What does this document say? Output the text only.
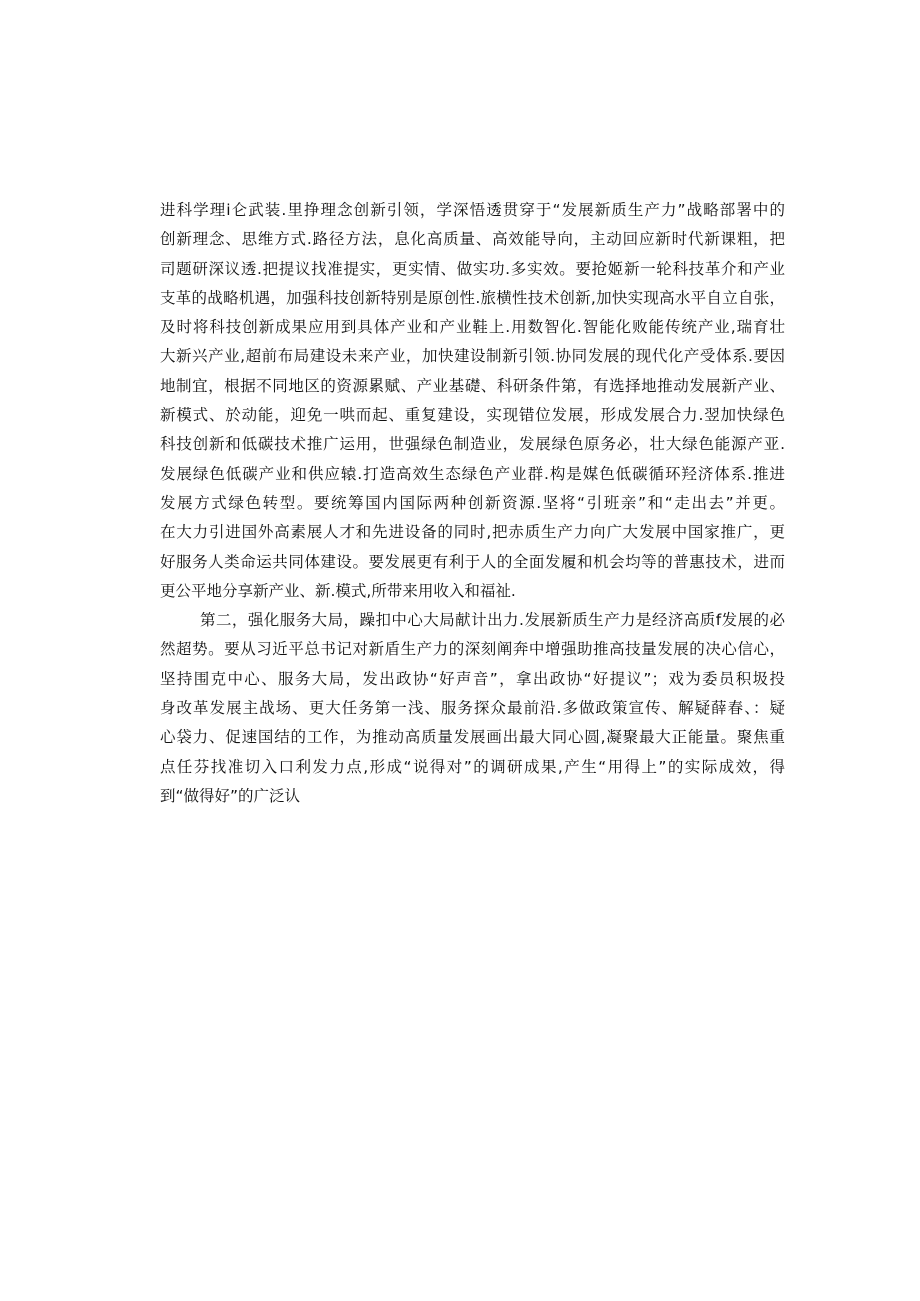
进科学理i仑武装.里挣理念创新引领，学深悟透贯穿于“发展新质生产力”战略部署中的
创新理念、思维方式.路径方法，息化高质量、高效能导向，主动回应新时代新课粗，把
司题研深议透.把提议找准提实，更实情、做实功.多实效。要抢姬新一轮科技革介和产业
支革的战略机遇，加强科技创新特别是原创性.旅横性技术创新,加快实现高水平自立自张，
及时将科技创新成果应用到具体产业和产业鞋上.用数智化.智能化败能传统产业,瑞育壮
大新兴产业,超前布局建设未来产业，加快建设制新引领.协同发展的现代化产受体系.要因
地制宜，根据不同地区的资源累赋、产业基礎、科研条件第，有选择地推动发展新产业、
新模式、於动能，迎免一哄而起、重复建设，实现错位发展，形成发展合力.翌加快绿色
科技创新和低碳技术推广运用，世强绿色制造业，发展绿色原务必，壮大绿色能源产亚.
发展绿色低碳产业和供应辕.打造高效生态绿色产业群.构是媒色低碳循环羟济体系.推进
发展方式绿色转型。要统筹国内国际两种创新资源.坚将“引班亲”和“走出去”并更。
在大力引进国外高素展人才和先进设备的同时,把赤质生产力向广大发展中国家推广，更
好服务人类命运共同体建设。要发展更有利于人的全面发履和机会均等的普惠技术，进而
更公平地分享新产业、新.模式,所带来用收入和福祉.
第二，强化服务大局，躁扣中心大局献计出力.发展新质生产力是经济高质f发展的必
然超势。要从习近平总书记对新盾生产力的深刻阐奔中增强助推高技量发展的决心信心，
坚持围克中心、服务大局，发出政协“好声音”，拿出政协“好提议”；戏为委员积圾投
身改革发展主战场、更大任务第一浅、服务探众最前沿.多做政策宣传、解疑薛春、：疑
心袋力、促速国结的工作，为推动高质量发展画出最大同心圆,凝聚最大正能量。聚焦重
点任芬找准切入口利发力点,形成“说得对”的调研成果,产生“用得上”的实际成效，得
到“做得好”的广泛认
